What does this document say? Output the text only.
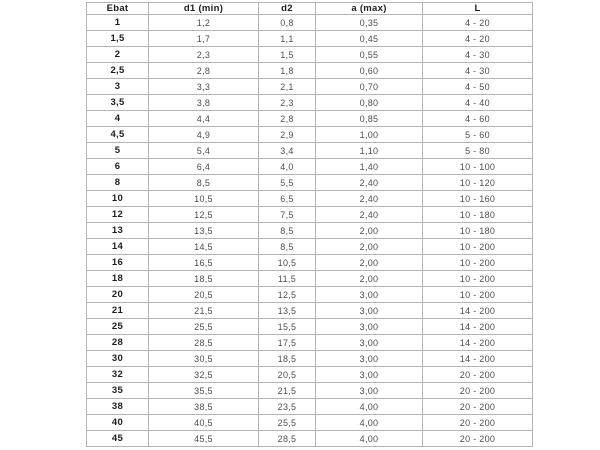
Ebat	d1 (min)	d2	a (max)	L
1	1,2	0,8	0,35	4 - 20
1,5	1,7	1,1	0,45	4 - 20
2	2,3	1,5	0,55	4 - 30
2,5	2,8	1,8	0,60	4 - 30
3	3,3	2,1	0,70	4 - 50
3,5	3,8	2,3	0,80	4 - 40
4	4,4	2,8	0,85	4 - 60
4,5	4,9	2,9	1,00	5 - 60
5	5,4	3,4	1,10	5 - 80
6	6,4	4,0	1,40	10 - 100
8	8,5	5,5	2,40	10 - 120
10	10,5	6,5	2,40	10 - 160
12	12,5	7,5	2,40	10 - 180
13	13,5	8,5	2,00	10 - 180
14	14,5	8,5	2,00	10 - 200
16	16,5	10,5	2,00	10 - 200
18	18,5	11,5	2,00	10 - 200
20	20,5	12,5	3,00	10 - 200
21	21,5	13,5	3,00	14 - 200
25	25,5	15,5	3,00	14 - 200
28	28,5	17,5	3,00	14 - 200
30	30,5	18,5	3,00	14 - 200
32	32,5	20,5	3,00	20 - 200
35	35,5	21,5	3,00	20 - 200
38	38,5	23,5	4,00	20 - 200
40	40,5	25,5	4,00	20 - 200
45	45,5	28,5	4,00	20 - 200
